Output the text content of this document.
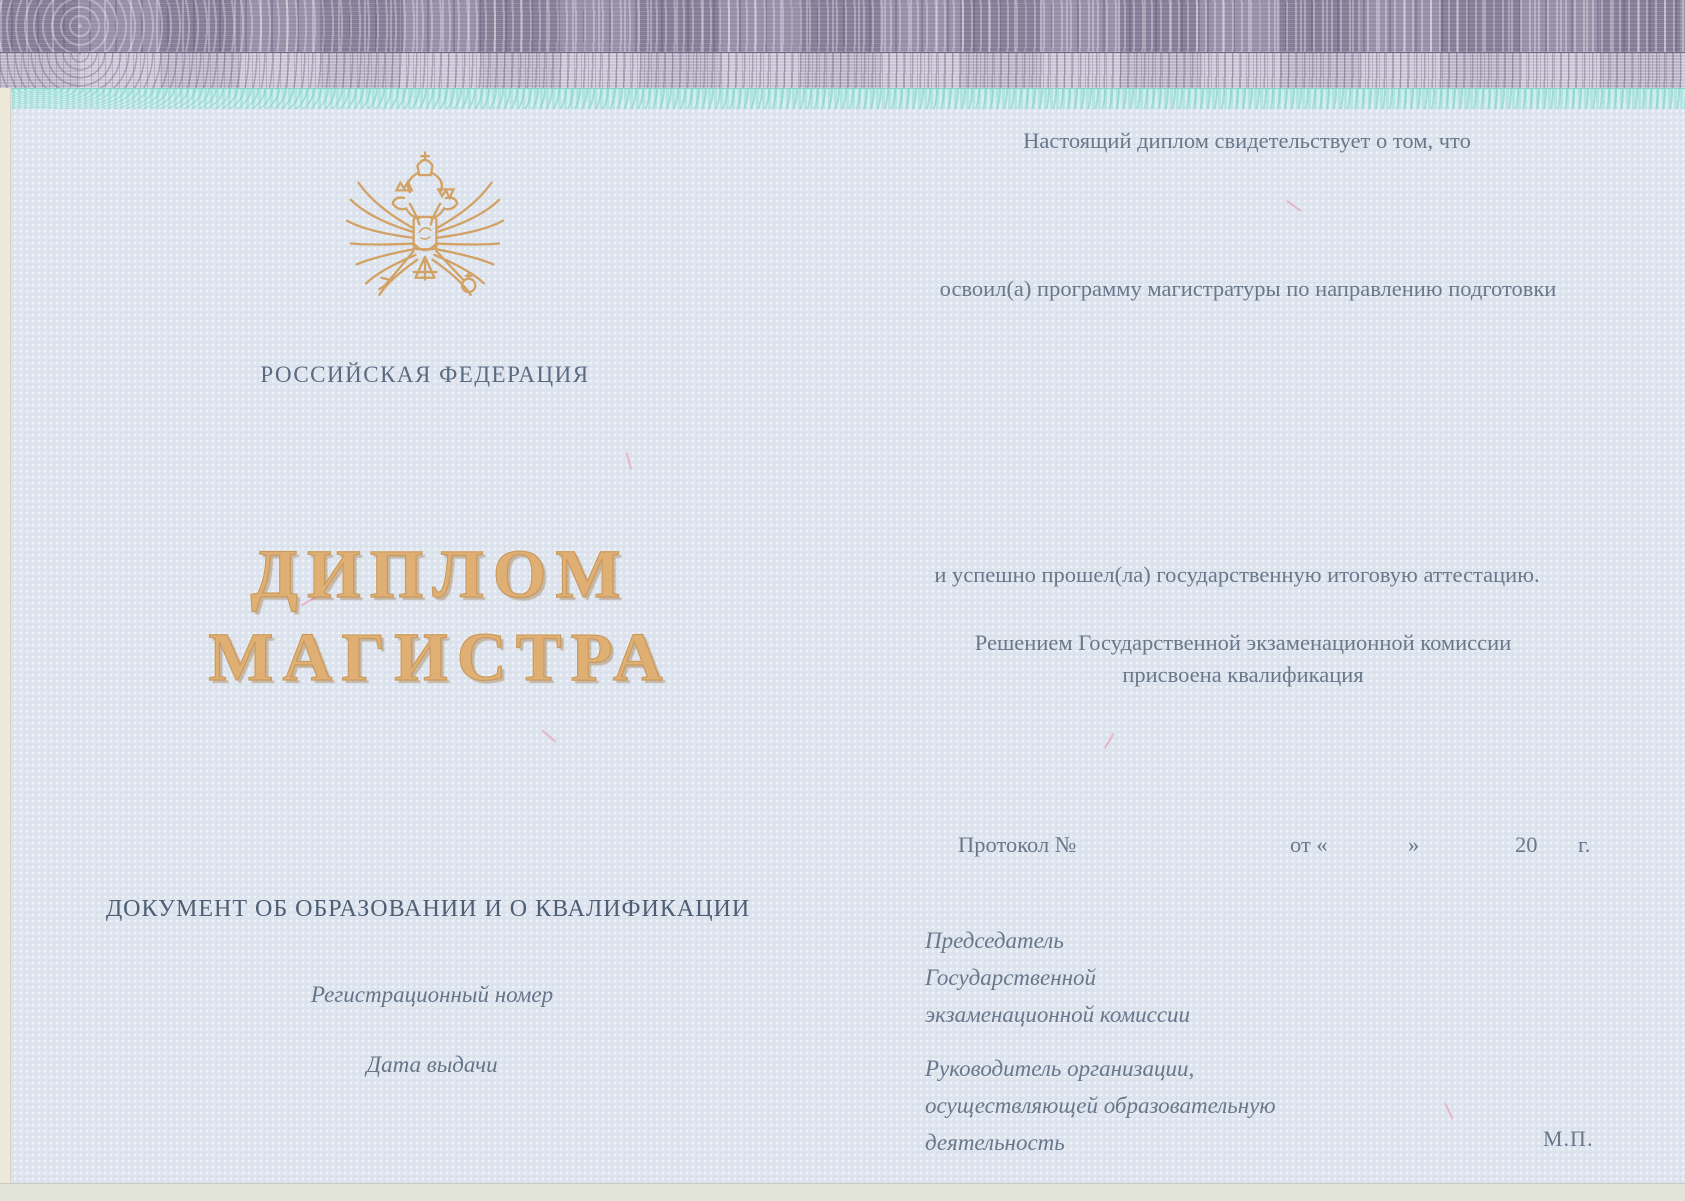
РОССИЙСКАЯ ФЕДЕРАЦИЯ
ДИПЛОМ
МАГИСТРА
ДОКУМЕНТ ОБ ОБРАЗОВАНИИ И О КВАЛИФИКАЦИИ
Регистрационный номер
Дата выдачи
Настоящий диплом свидетельствует о том, что
освоил(а) программу магистратуры по направлению подготовки
и успешно прошел(ла) государственную итоговую аттестацию.
Решением Государственной экзаменационной комиссии
присвоена квалификация
Протокол №	от «	»	20 г.
Председатель
Государственной
экзаменационной комиссии
Руководитель организации,
осуществляющей образовательную
деятельность	М.П.
